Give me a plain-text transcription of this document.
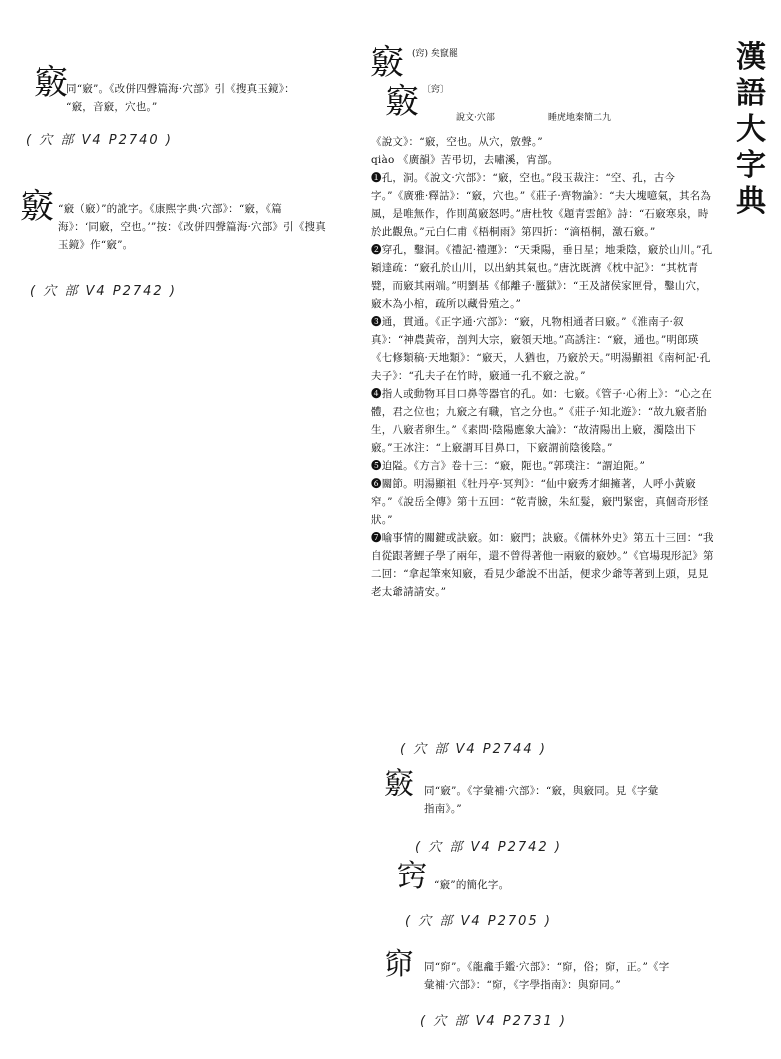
漢
語
大
字
典
竅
同“竅”。《改併四聲篇海·穴部》引《搜真玉鏡》：
“竅，音竅，穴也。”
( 穴 部 V4 P2740 )
竅 “竅（竅）”的訛字。《康熙字典·穴部》：“竅，《篇
海》：‘同竅，空也。’”按：《改併四聲篇海·穴部》引《搜真
玉鏡》作“竅”。
( 穴 部 V4 P2742 )
竅 (窍) 矣竄罷
竅 〔窍〕
說文·穴部	睡虎地秦簡二九

《說文》：“竅，空也。从穴，敫聲。”

qiào 《廣韻》苦弔切，去嘯溪，宵部。

❶孔，洞。《說文·穴部》：“竅，空也。”段玉裁注：“空、孔，古今字。”《廣雅·釋詁》：“竅，穴也。”《莊子·齊物論》：“夫大塊噫氣，其名為風，是唯無作，作則萬竅怒呺。”唐杜牧《題青雲館》詩：“石竅寒泉，時於此觀魚。”元白仁甫《梧桐雨》第四折：“滴梧桐，激石竅。”

❷穿孔，鑿洞。《禮記·禮運》：“天秉陽，垂日星；地秉陰，竅於山川。”孔穎達疏：“竅孔於山川，以出納其氣也。”唐沈既濟《枕中記》：“其枕青甓，而竅其兩端。”明劉基《郁離子·蟨獄》：“王及諸侯家匣骨，鑿山穴，竅木為小棺，疏所以藏骨殖之。”

❸通，貫通。《正字通·穴部》：“竅，凡物相通者曰竅。”《淮南子·叙真》：“神農黃帝，剖判大宗，竅領天地。”高誘注：“竅，通也。”明郎瑛《七修類稿·天地類》：“竅天，人猶也，乃竅於天。”明湯顯祖《南柯記·孔夫子》：“孔夫子在竹時，竅通一孔不竅之說。”

❹指人或動物耳目口鼻等器官的孔。如：七竅。《管子·心術上》：“心之在體，君之位也；九竅之有職，官之分也。”《莊子·知北遊》：“故九竅者胎生，八竅者卵生。”《素問·陰陽應象大論》：“故清陽出上竅，濁陰出下竅。”王冰注：“上竅謂耳目鼻口，下竅謂前陰後陰。”

❺迫隘。《方言》卷十三：“竅，阨也。”郭璞注：“謂迫阨。”

❻關節。明湯顯祖《牡丹亭·冥判》：“仙中竅秀才細擁著，人呼小黃竅窄。”《說岳全傳》第十五回：“乾青臉，朱紅髮，竅門緊密，真個奇形怪狀。”

❼喻事情的關鍵或訣竅。如：竅門；訣竅。《儒林外史》第五十三回：“我自從跟著鯉子學了兩年，還不曾得著他一兩竅的竅妙。”《官場現形記》第二回：“拿起筆來知竅，看見少爺說不出話，便求少爺等著到上頭，見見老太爺請請安。”

( 穴 部 V4 P2744 )
竅 同“竅”。《字彙補·穴部》：“竅，與竅同。見《字彙
指南》。”
( 穴 部 V4 P2742 )
窍 “竅”的簡化字。
( 穴 部 V4 P2705 )
窌 同“窌”。《龍龕手鑑·穴部》：“窌，俗；窌，正。”《字
彙補·穴部》：“窌，《字學指南》：與窌同。”
( 穴 部 V4 P2731 )
